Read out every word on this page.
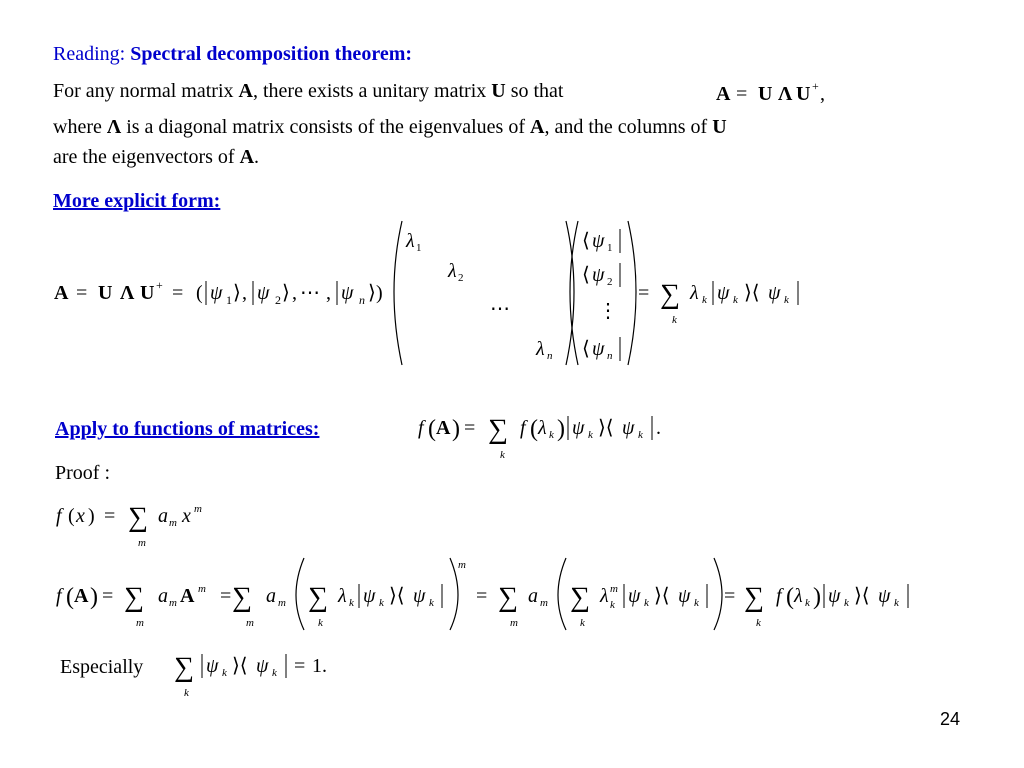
Reading: Spectral decomposition theorem:
For any normal matrix A, there exists a unitary matrix U so that	A = U Λ U + ,
where Λ is a diagonal matrix consists of the eigenvalues of A, and the columns of U
are the eigenvectors of A.
More explicit form:
A = U Λ U + = ( ψ 1 ⟩ , ψ 2 ⟩ , ⋯ , ψ n ⟩ )
λ 1
λ 2
⋯
λ n
⟨ ψ 1
⟨ ψ 2
⋮
⟨ ψ n
= ∑
k
λ k ψ k ⟩⟨ ψ k
Apply to functions of matrices:	f ( A ) = ∑
k
f ( λ k ) ψ k ⟩⟨ ψ k .
Proof :
f ( x ) = ∑
m
a m x m
f ( A ) = ∑
m
a m A m = ∑
m
a m ∑
k
λ k ψ k ⟩⟨ ψ k
m
= ∑
m
a m ∑
k
λ m
k ψ k ⟩⟨ ψ k = ∑
k
f ( λ k ) ψ k ⟩⟨ ψ k
Especially ∑
k
ψ k ⟩⟨ ψ k = 1.
24
